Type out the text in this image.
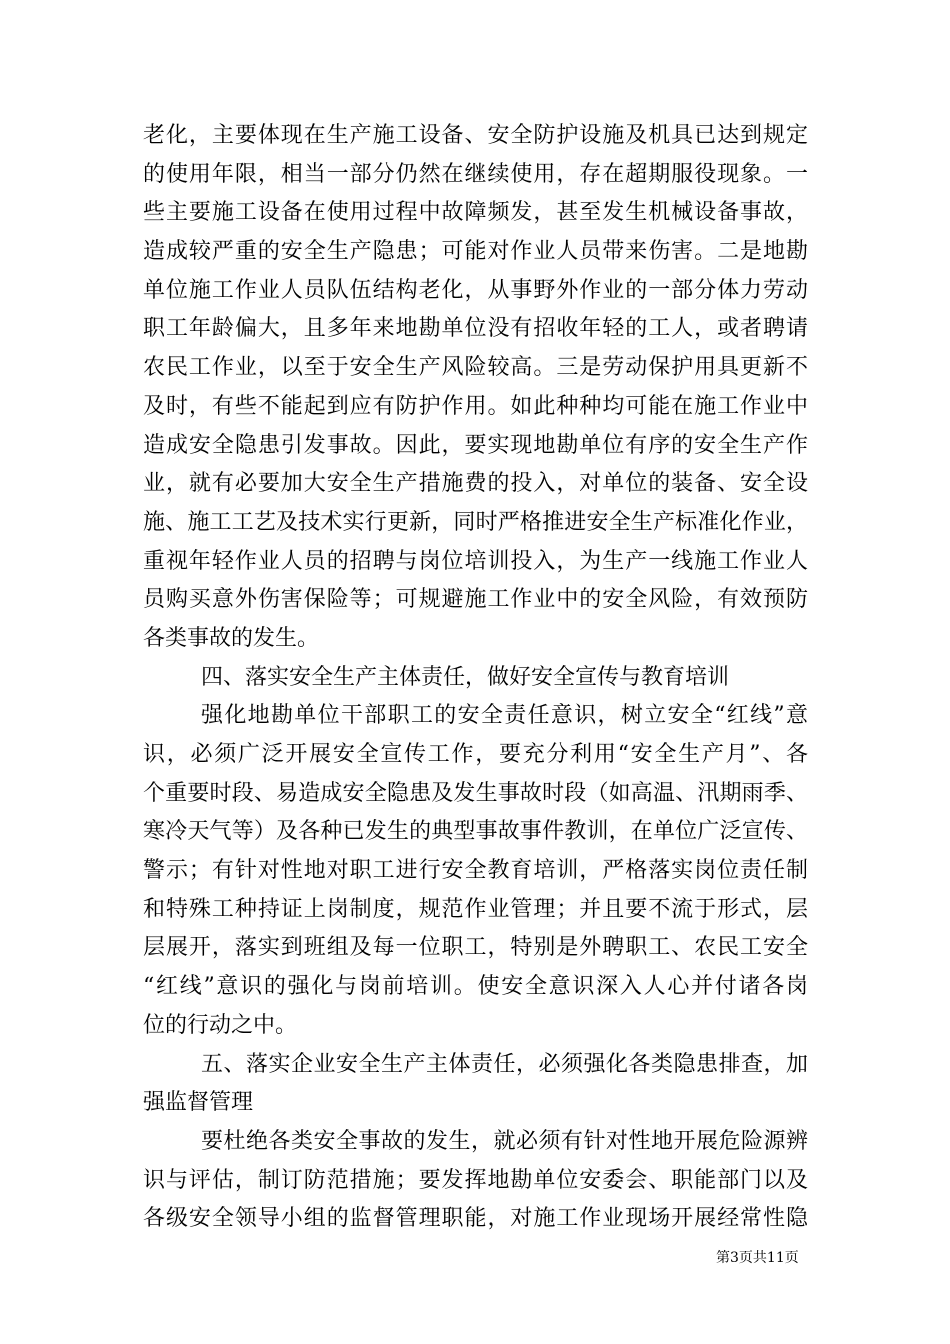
老化，主要体现在生产施工设备、安全防护设施及机具已达到规定
的使用年限，相当一部分仍然在继续使用，存在超期服役现象。一
些主要施工设备在使用过程中故障频发，甚至发生机械设备事故，
造成较严重的安全生产隐患；可能对作业人员带来伤害。二是地勘
单位施工作业人员队伍结构老化，从事野外作业的一部分体力劳动
职工年龄偏大，且多年来地勘单位没有招收年轻的工人，或者聘请
农民工作业，以至于安全生产风险较高。三是劳动保护用具更新不
及时，有些不能起到应有防护作用。如此种种均可能在施工作业中
造成安全隐患引发事故。因此，要实现地勘单位有序的安全生产作
业，就有必要加大安全生产措施费的投入，对单位的装备、安全设
施、施工工艺及技术实行更新，同时严格推进安全生产标准化作业，
重视年轻作业人员的招聘与岗位培训投入，为生产一线施工作业人
员购买意外伤害保险等；可规避施工作业中的安全风险，有效预防
各类事故的发生。
四、落实安全生产主体责任，做好安全宣传与教育培训
强化地勘单位干部职工的安全责任意识，树立安全“红线”意
识，必须广泛开展安全宣传工作，要充分利用“安全生产月”、各
个重要时段、易造成安全隐患及发生事故时段（如高温、汛期雨季、
寒冷天气等）及各种已发生的典型事故事件教训，在单位广泛宣传、
警示；有针对性地对职工进行安全教育培训，严格落实岗位责任制
和特殊工种持证上岗制度，规范作业管理；并且要不流于形式，层
层展开，落实到班组及每一位职工，特别是外聘职工、农民工安全
“红线”意识的强化与岗前培训。使安全意识深入人心并付诸各岗
位的行动之中。
五、落实企业安全生产主体责任，必须强化各类隐患排查，加
强监督管理
要杜绝各类安全事故的发生，就必须有针对性地开展危险源辨
识与评估，制订防范措施；要发挥地勘单位安委会、职能部门以及
各级安全领导小组的监督管理职能，对施工作业现场开展经常性隐
第3页共11页
